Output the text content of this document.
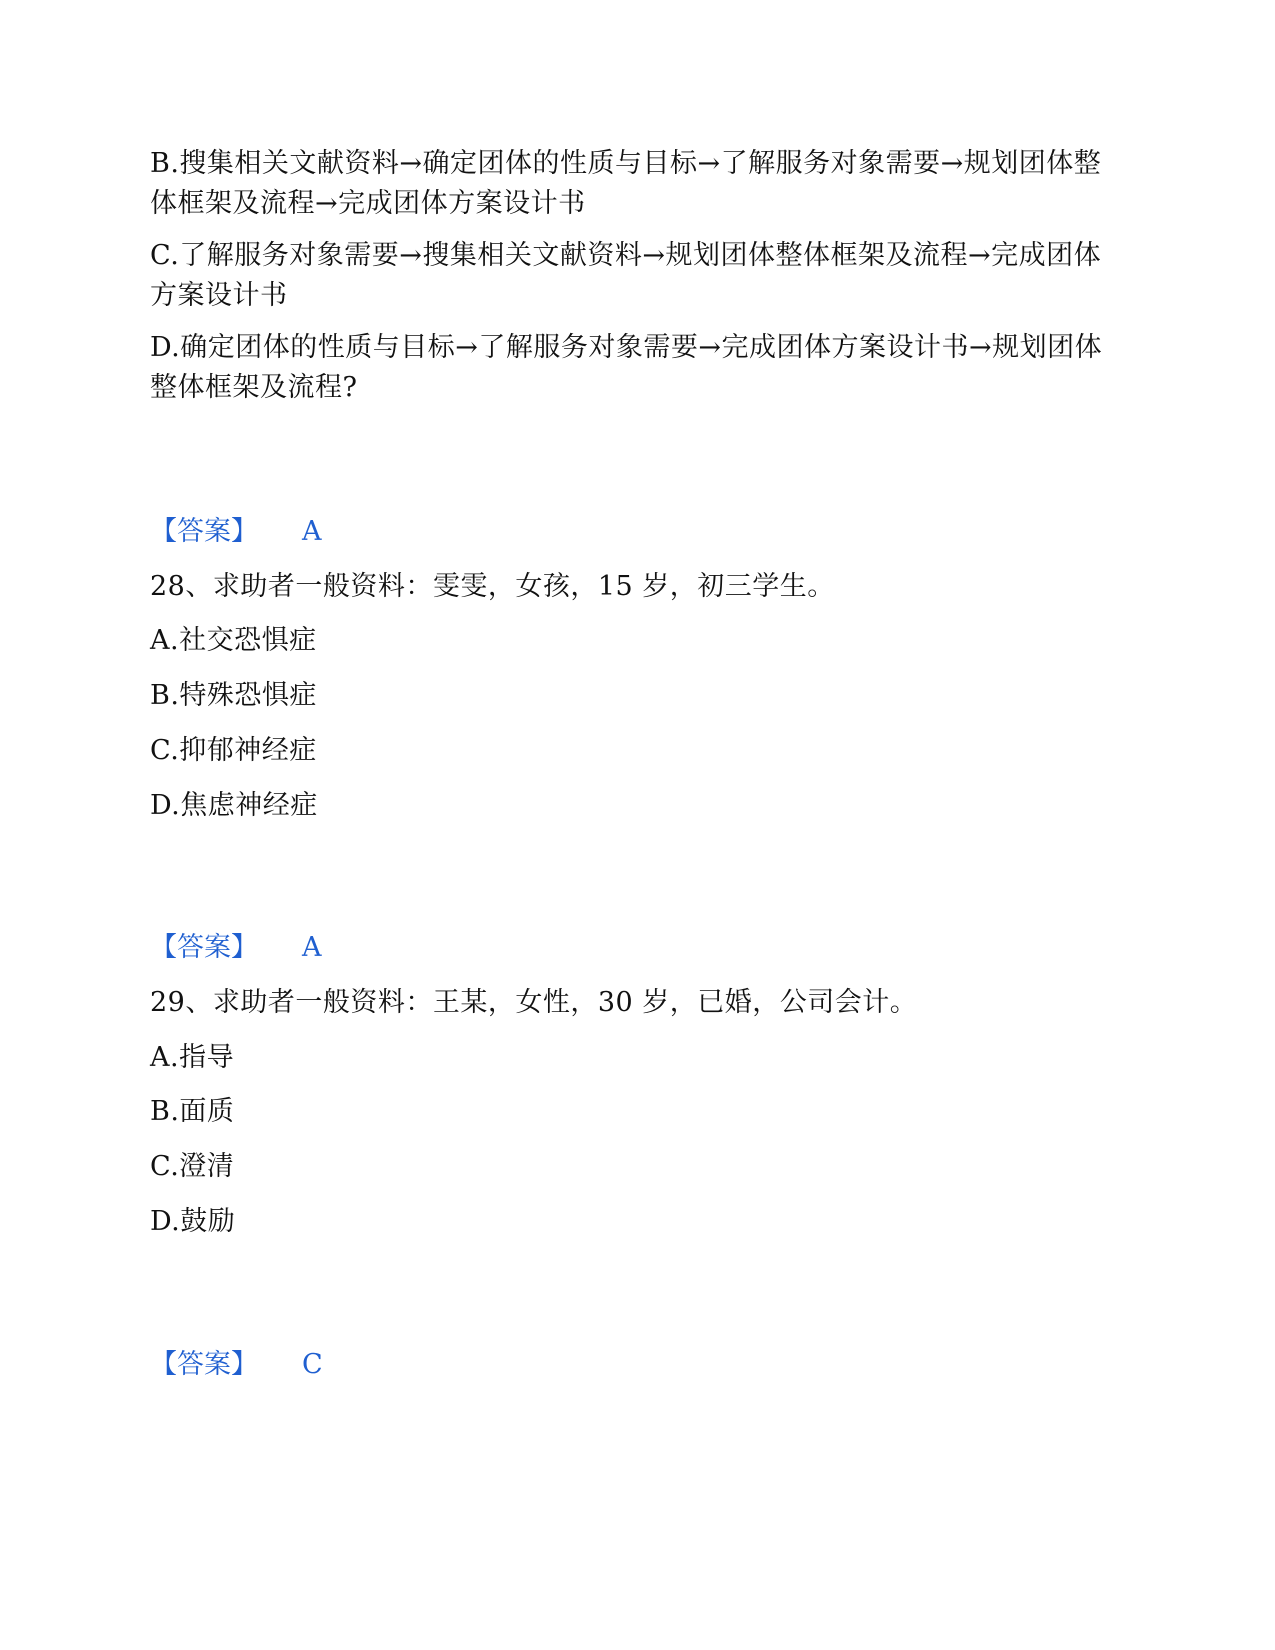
B.搜集相关文献资料→确定团体的性质与目标→了解服务对象需要→规划团体整体框架及流程→完成团体方案设计书
C.了解服务对象需要→搜集相关文献资料→规划团体整体框架及流程→完成团体方案设计书
D.确定团体的性质与目标→了解服务对象需要→完成团体方案设计书→规划团体整体框架及流程?
【答案】 A
28、求助者一般资料：雯雯，女孩，15 岁，初三学生。
A.社交恐惧症
B.特殊恐惧症
C.抑郁神经症
D.焦虑神经症
【答案】 A
29、求助者一般资料：王某，女性，30 岁，已婚，公司会计。
A.指导
B.面质
C.澄清
D.鼓励
【答案】 C
